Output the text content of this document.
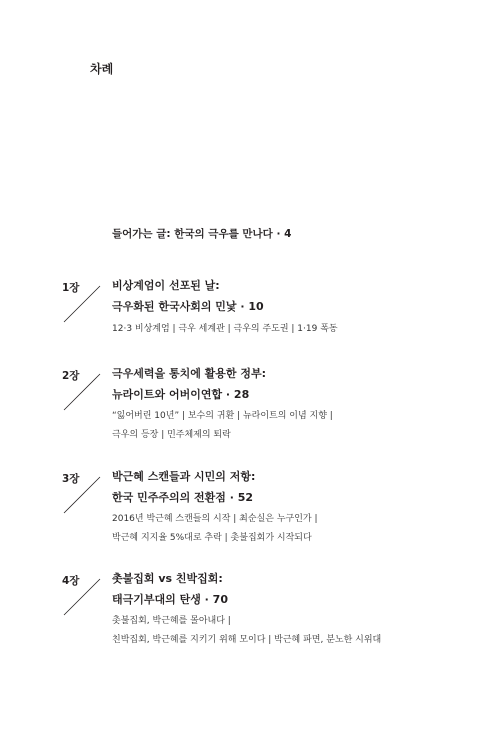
차례
들어가는 글: 한국의 극우를 만나다 · 4
1장	비상계엄이 선포된 날:
극우화된 한국사회의 민낯 · 10
12·3 비상계엄 | 극우 세계관 | 극우의 주도권 | 1·19 폭동
2장	극우세력을 통치에 활용한 정부:
뉴라이트와 어버이연합 · 28
“잃어버린 10년” | 보수의 귀환 | 뉴라이트의 이념 지향 |
극우의 등장 | 민주체제의 퇴락
3장	박근혜 스캔들과 시민의 저항:
한국 민주주의의 전환점 · 52
2016년 박근혜 스캔들의 시작 | 최순실은 누구인가 |
박근혜 지지율 5%대로 추락 | 촛불집회가 시작되다
4장	촛불집회 vs 친박집회:
태극기부대의 탄생 · 70
촛불집회, 박근혜를 몰아내다 |
친박집회, 박근혜를 지키기 위해 모이다 | 박근혜 파면, 분노한 시위대
